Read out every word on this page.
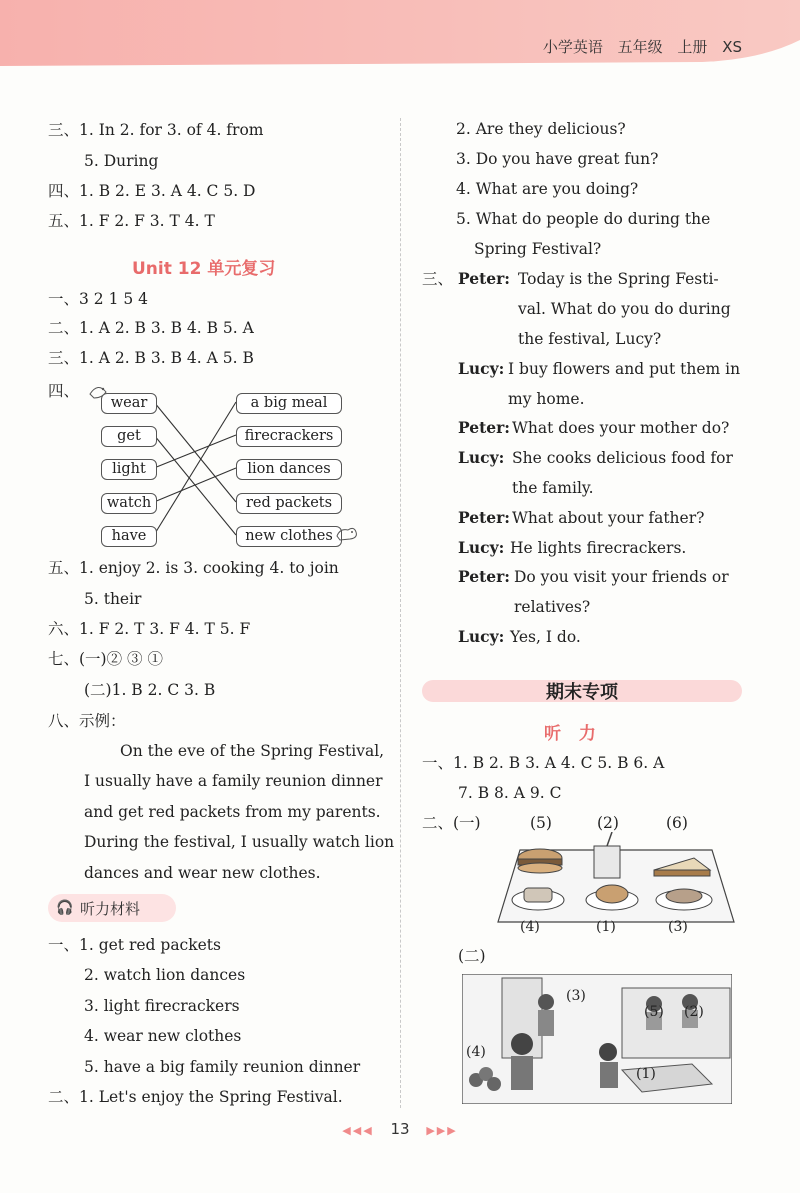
小学英语 五年级 上册 XS
三、1. In 2. for 3. of 4. from
5. During
四、1. B 2. E 3. A 4. C 5. D
五、1. F 2. F 3. T 4. T
Unit 12 单元复习
一、3 2 1 5 4
二、1. A 2. B 3. B 4. B 5. A
三、1. A 2. B 3. B 4. A 5. B
四、
wear
get
light
watch
have
a big meal
firecrackers
lion dances
red packets
new clothes
五、1. enjoy 2. is 3. cooking 4. to join
5. their
六、1. F 2. T 3. F 4. T 5. F
七、(一)② ③ ①
(二)1. B 2. C 3. B
八、示例：
On the eve of the Spring Festival,
I usually have a family reunion dinner
and get red packets from my parents.
During the festival, I usually watch lion
dances and wear new clothes.
🎧 听力材料
一、1. get red packets
2. watch lion dances
3. light firecrackers
4. wear new clothes
5. have a big family reunion dinner
二、1. Let's enjoy the Spring Festival.
2. Are they delicious?
3. Do you have great fun?
4. What are you doing?
5. What do people do during the
Spring Festival?
三、 Peter: Today is the Spring Festi-
val. What do you do during
the festival, Lucy?
Lucy: I buy flowers and put them in
my home.
Peter: What does your mother do?
Lucy: She cooks delicious food for
the family.
Peter: What about your father?
Lucy: He lights firecrackers.
Peter: Do you visit your friends or
relatives?
Lucy: Yes, I do.
期末专项
听 力
一、1. B 2. B 3. A 4. C 5. B 6. A
7. B 8. A 9. C
二、(一)	(5)	(2)	(6)
(4)	(1)	(3)
(二)
(3)
(5) (2)
(4)
(1)
◀◀◀ 13 ▶▶▶
